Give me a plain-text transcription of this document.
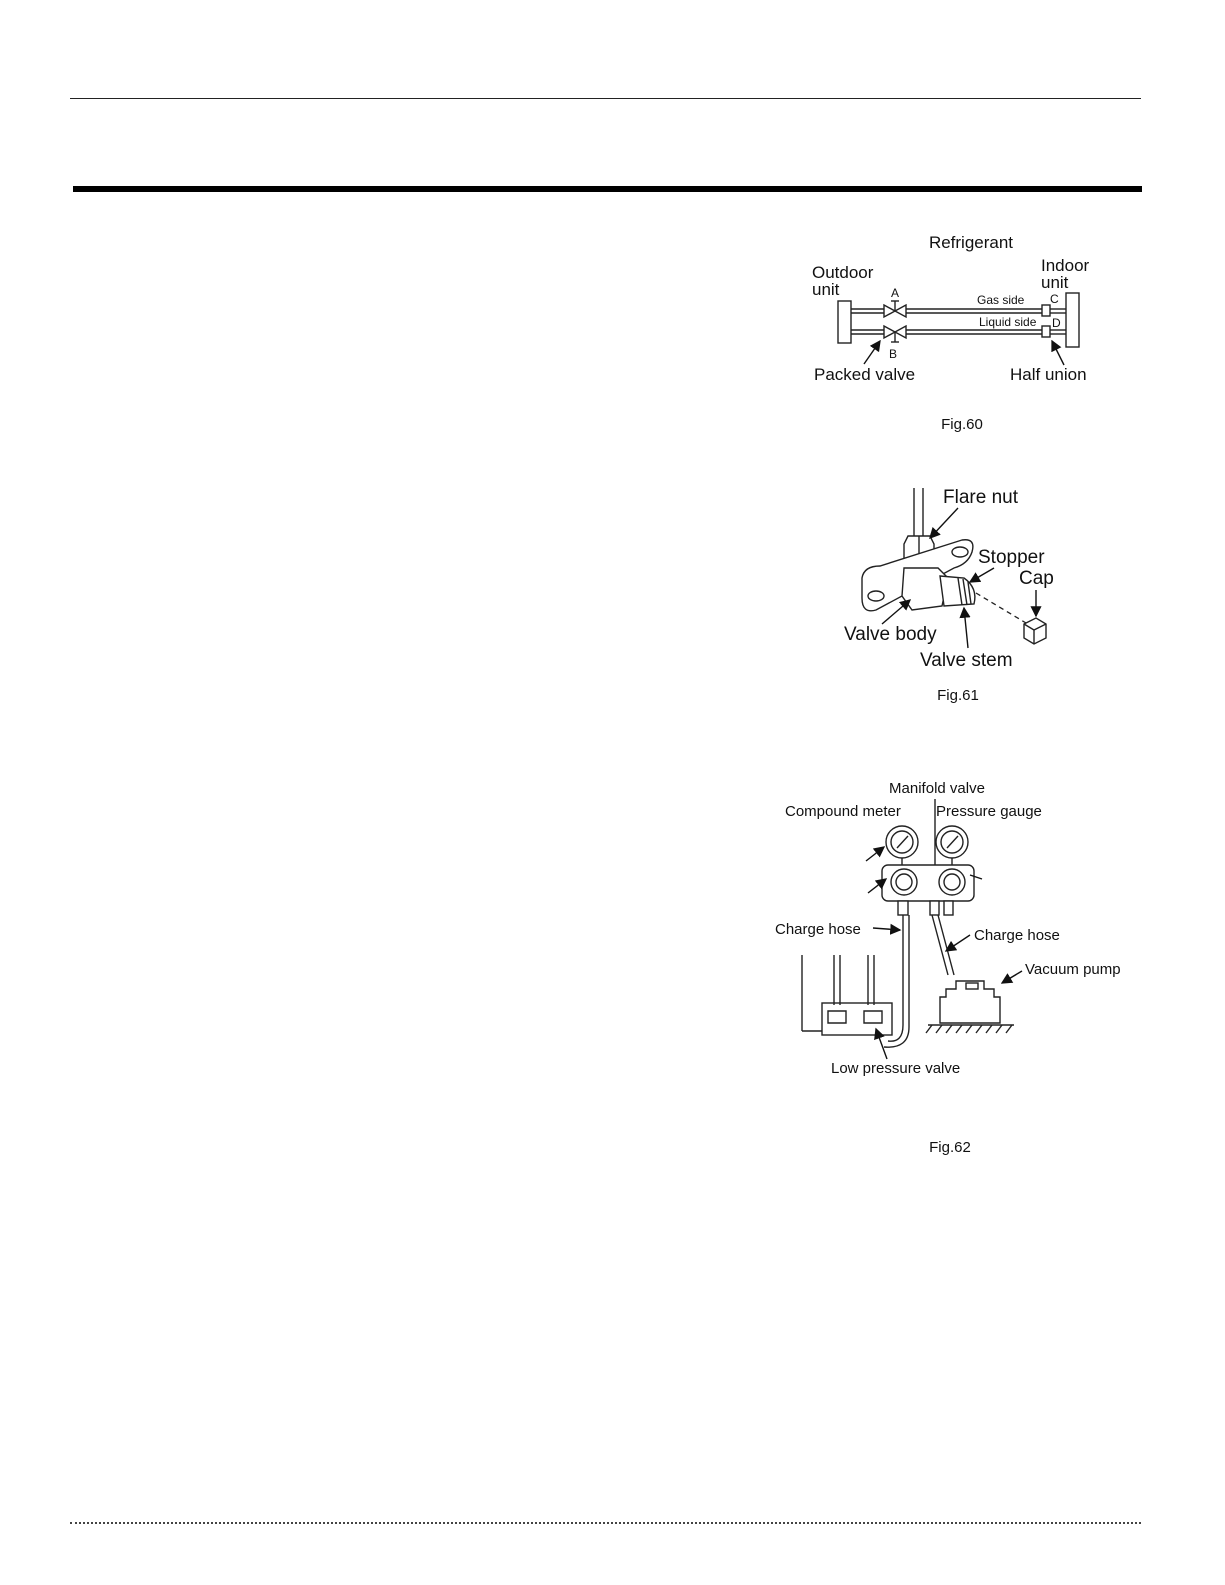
Refrigerant
Outdoor
unit
Indoor
unit
A
B
C
D
Gas side
Liquid side
Packed valve	Half union
Fig.60
Flare nut
Stopper
Cap
Valve body
Valve stem
Fig.61
Manifold valve
Compound meter Pressure gauge
Charge hose	Charge hose
Vacuum pump
Low pressure valve
Fig.62
